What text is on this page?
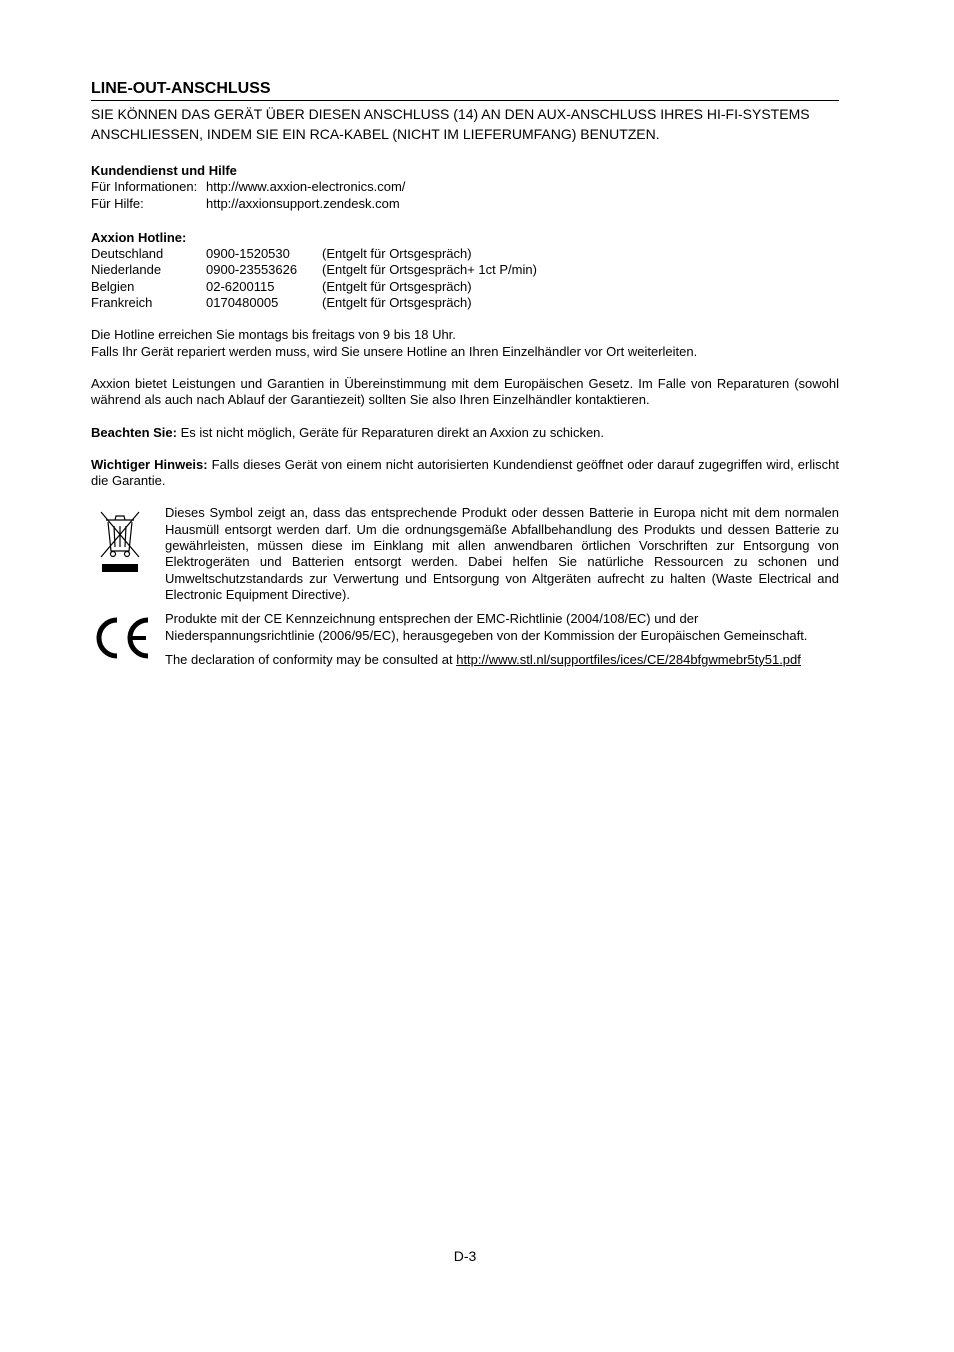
LINE-OUT-ANSCHLUSS

SIE KÖNNEN DAS GERÄT ÜBER DIESEN ANSCHLUSS (14) AN DEN AUX-ANSCHLUSS IHRES HI-FI-SYSTEMS ANSCHLIESSEN, INDEM SIE EIN RCA-KABEL (NICHT IM LIEFERUMFANG) BENUTZEN.

Kundendienst und Hilfe
Für Informationen: http://www.axxion-electronics.com/
Für Hilfe:	http://axxionsupport.zendesk.com
Axxion Hotline:
Deutschland	0900-1520530	(Entgelt für Ortsgespräch)
Niederlande	0900-23553626	(Entgelt für Ortsgespräch+ 1ct P/min)
Belgien	02-6200115	(Entgelt für Ortsgespräch)
Frankreich	0170480005	(Entgelt für Ortsgespräch)
Die Hotline erreichen Sie montags bis freitags von 9 bis 18 Uhr.
Falls Ihr Gerät repariert werden muss, wird Sie unsere Hotline an Ihren Einzelhändler vor Ort weiterleiten.
Axxion bietet Leistungen und Garantien in Übereinstimmung mit dem Europäischen Gesetz. Im Falle von Reparaturen (sowohl während als auch nach Ablauf der Garantiezeit) sollten Sie also Ihren Einzelhändler kontaktieren.
Beachten Sie: Es ist nicht möglich, Geräte für Reparaturen direkt an Axxion zu schicken.
Wichtiger Hinweis: Falls dieses Gerät von einem nicht autorisierten Kundendienst geöffnet oder darauf zugegriffen wird, erlischt die Garantie.
Dieses Symbol zeigt an, dass das entsprechende Produkt oder dessen Batterie in Europa nicht mit dem normalen Hausmüll entsorgt werden darf. Um die ordnungsgemäße Abfallbehandlung des Produkts und dessen Batterie zu gewährleisten, müssen diese im Einklang mit allen anwendbaren örtlichen Vorschriften zur Entsorgung von Elektrogeräten und Batterien entsorgt werden. Dabei helfen Sie natürliche Ressourcen zu schonen und Umweltschutzstandards zur Verwertung und Entsorgung von Altgeräten aufrecht zu halten (Waste Electrical and Electronic Equipment Directive).

Produkte mit der CE Kennzeichnung entsprechen der EMC-Richtlinie (2004/108/EC) und der Niederspannungsrichtlinie (2006/95/EC), herausgegeben von der Kommission der Europäischen Gemeinschaft.

The declaration of conformity may be consulted at http://www.stl.nl/supportfiles/ices/CE/284bfgwmebr5ty51.pdf

D-3
